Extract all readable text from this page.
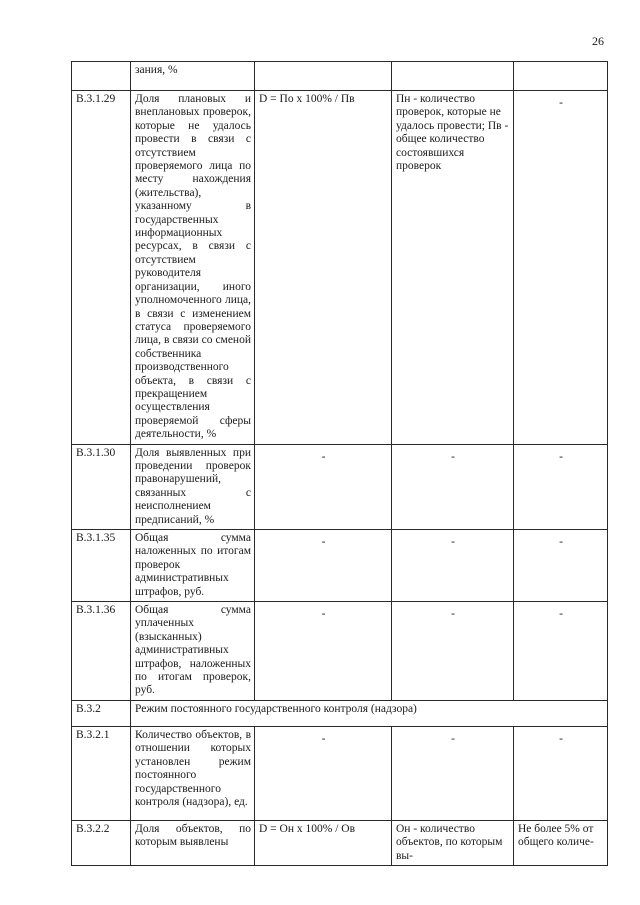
26
	зания, %			
В.3.1.29	Доля плановых и внеплановых проверок, которые не удалось провести в связи с отсутствием проверяемого лица по месту нахождения (жительства), указанному в государственных информационных ресурсах, в связи с отсутствием руководителя организации, иного уполномоченного лица, в связи с изменением статуса проверяемого лица, в связи со сменой собственника производственного объекта, в связи с прекращением осуществления проверяемой сферы деятельности, %	D = По х 100% / Пв	Пн - количество проверок, которые не удалось провести; Пв - общее количество состоявшихся проверок	-

В.3.1.30	Доля выявленных при проведении проверок правонарушений, связанных с неисполнением предписаний, %	-	-	-

В.3.1.35	Общая сумма наложенных по итогам проверок административных штрафов, руб.	-	-	-

В.3.1.36	Общая сумма уплаченных (взысканных) административных штрафов, наложенных по итогам проверок, руб.	-	-	-

В.3.2	Режим постоянного государственного контроля (надзора)			
В.3.2.1	Количество объектов, в отношении которых установлен режим постоянного государственного контроля (надзора), ед.	-	-	-

В.3.2.2	Доля объектов, по которым выявлены	D = Он х 100% / Ов	Он - количество объектов, по которым вы-	Не более 5% от общего количе-
